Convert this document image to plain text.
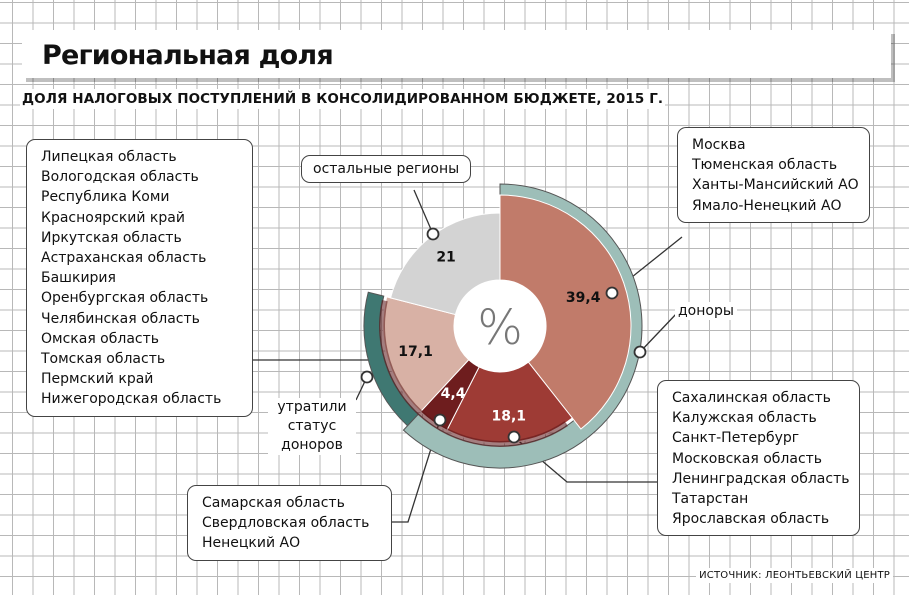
%
39,4
18,1
4,4
17,1
21
Региональная доля
ДОЛЯ НАЛОГОВЫХ ПОСТУПЛЕНИЙ В КОНСОЛИДИРОВАННОМ БЮДЖЕТЕ, 2015 Г.
Липецкая область
Вологодская область
Республика Коми
Красноярский край
Иркутская область
Астраханская область
Башкирия
Оренбургская область
Челябинская область
Омская область
Томская область
Пермский край
Нижегородская область
остальные регионы
Москва
Тюменская область
Ханты-Мансийский АО
Ямало-Ненецкий АО
доноры
Сахалинская область
Калужская область
Санкт-Петербург
Московская область
Ленинградская область
Татарстан
Ярославская область
утратили
статус
доноров
Самарская область
Свердловская область
Ненецкий АО
ИСТОЧНИК: ЛЕОНТЬЕВСКИЙ ЦЕНТР
